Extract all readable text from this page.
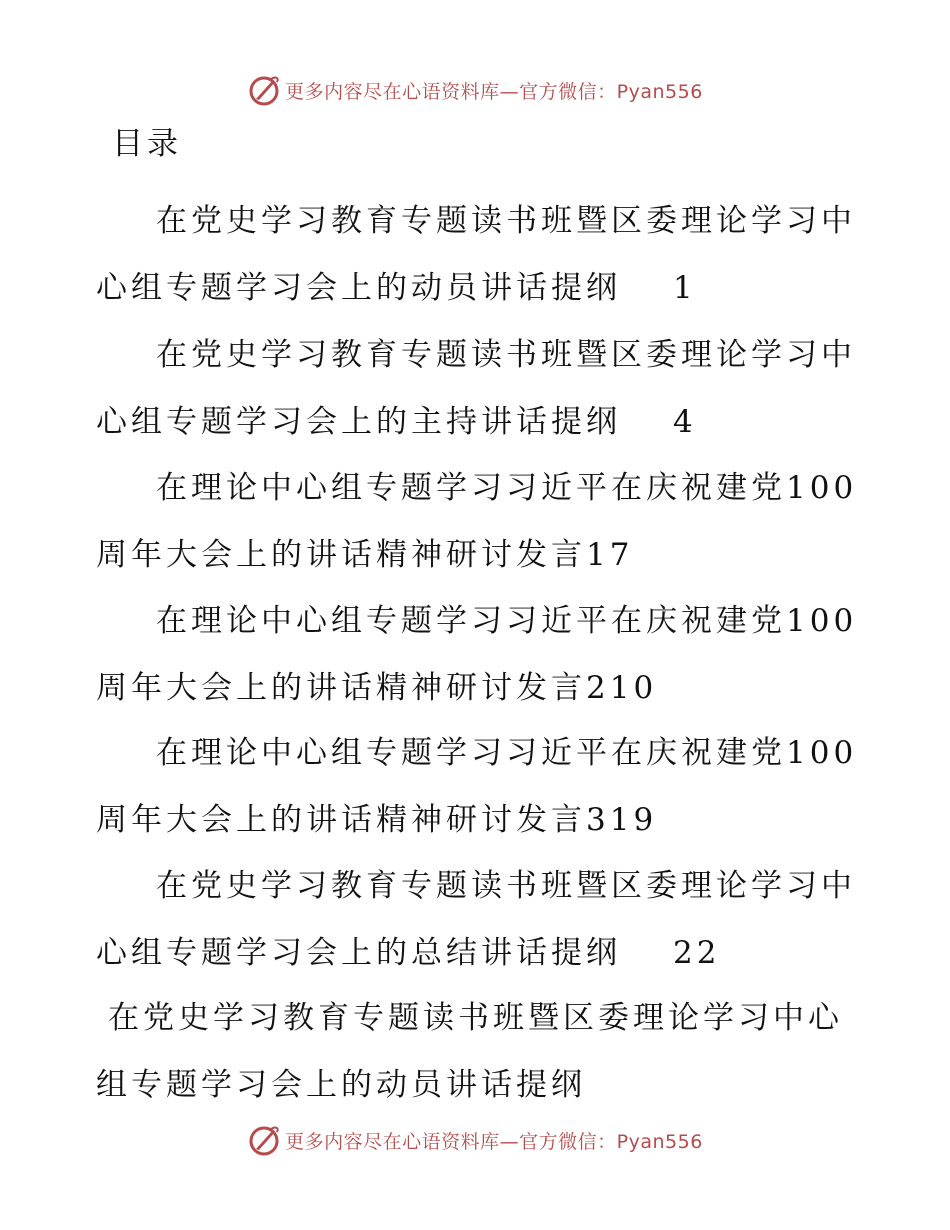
更多内容尽在心语资料库—官方微信：Pyan556
目录
在党史学习教育专题读书班暨区委理论学习中
心组专题学习会上的动员讲话提纲 1
在党史学习教育专题读书班暨区委理论学习中
心组专题学习会上的主持讲话提纲 4
在理论中心组专题学习习近平在庆祝建党100
周年大会上的讲话精神研讨发言17
在理论中心组专题学习习近平在庆祝建党100
周年大会上的讲话精神研讨发言210
在理论中心组专题学习习近平在庆祝建党100
周年大会上的讲话精神研讨发言319
在党史学习教育专题读书班暨区委理论学习中
心组专题学习会上的总结讲话提纲 22
在党史学习教育专题读书班暨区委理论学习中心
组专题学习会上的动员讲话提纲
更多内容尽在心语资料库—官方微信：Pyan556
